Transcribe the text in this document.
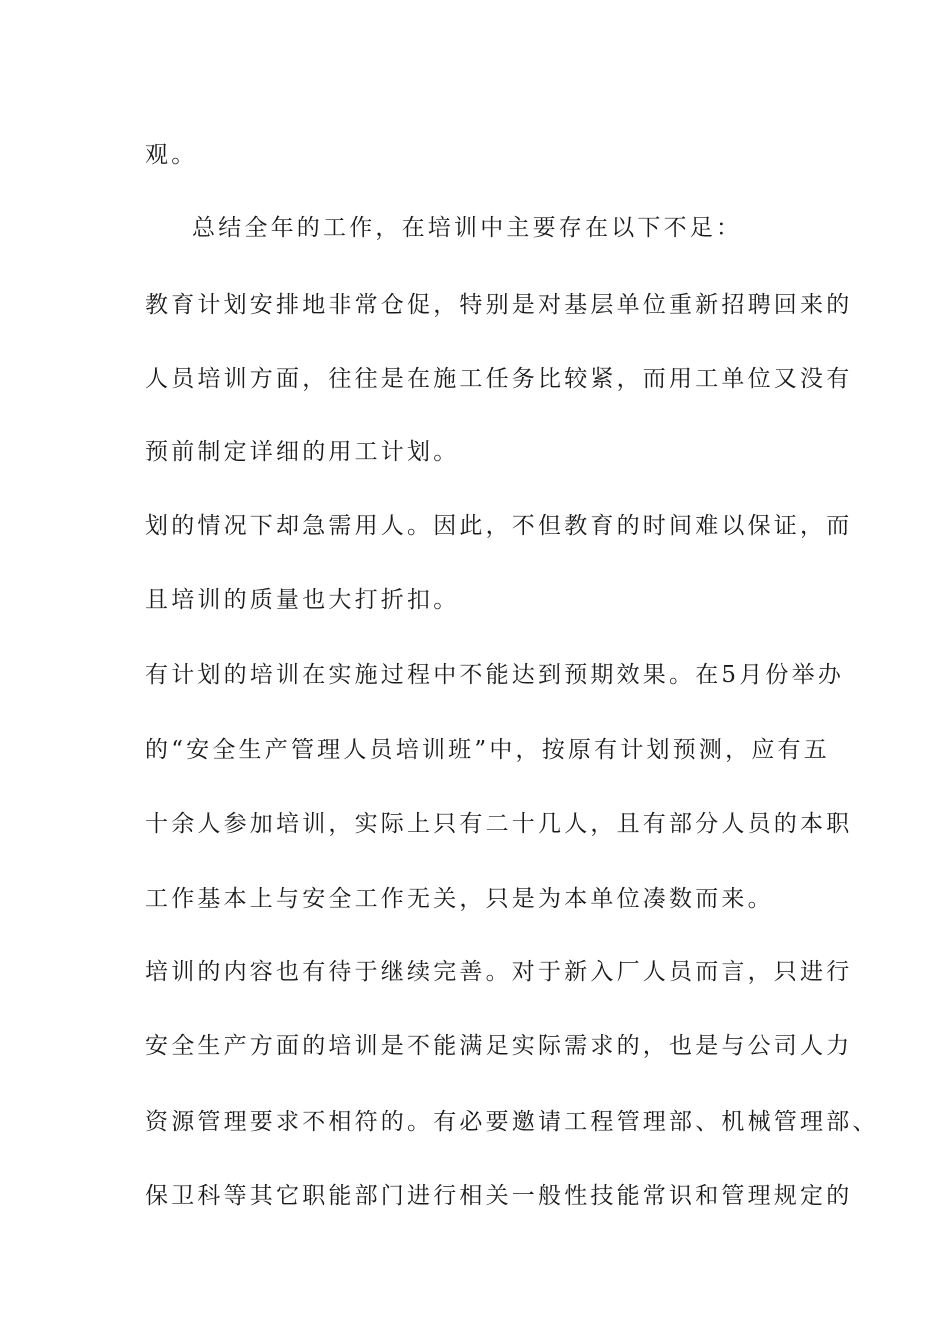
观。
总结全年的工作，在培训中主要存在以下不足：
教育计划安排地非常仓促，特别是对基层单位重新招聘回来的
人员培训方面，往往是在施工任务比较紧，而用工单位又没有
预前制定详细的用工计划。
划的情况下却急需用人。因此，不但教育的时间难以保证，而
且培训的质量也大打折扣。
有计划的培训在实施过程中不能达到预期效果。在5月份举办
的“安全生产管理人员培训班”中，按原有计划预测，应有五
十余人参加培训，实际上只有二十几人，且有部分人员的本职
工作基本上与安全工作无关，只是为本单位凑数而来。
培训的内容也有待于继续完善。对于新入厂人员而言，只进行
安全生产方面的培训是不能满足实际需求的，也是与公司人力
资源管理要求不相符的。有必要邀请工程管理部、机械管理部、
保卫科等其它职能部门进行相关一般性技能常识和管理规定的
